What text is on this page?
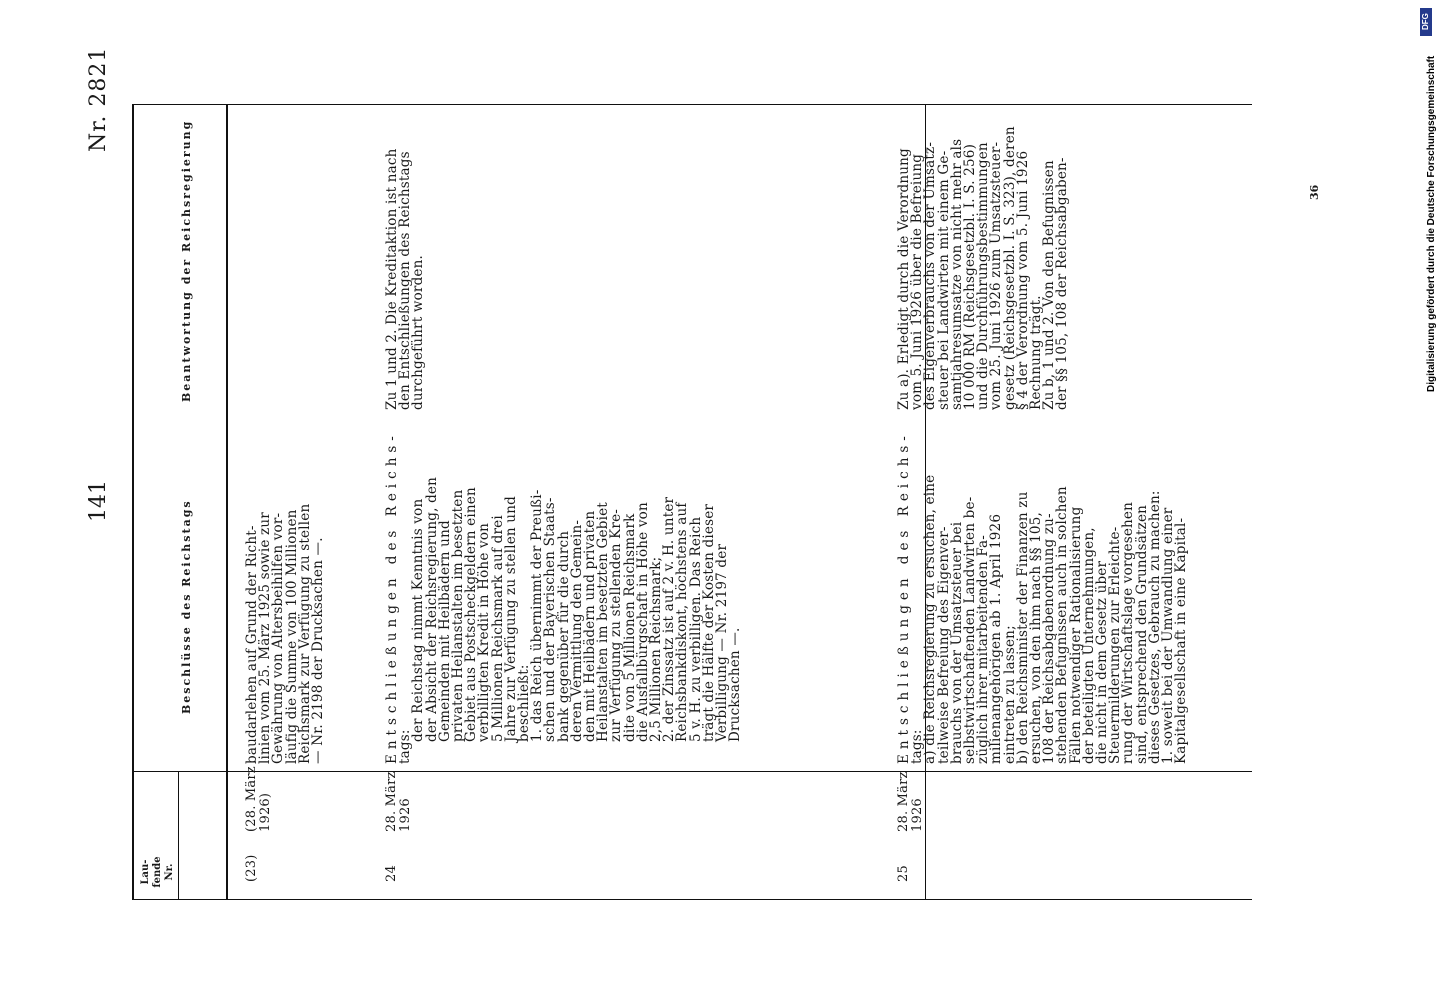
141
Nr. 2821
36
Lau- fende Nr.
Beschlüsse des Reichstags
Beantwortung der Reichsregierung
(23)
(28. März 1926)
baudarlehen auf Grund der Richt-
linien vom 25. März 1925 sowie zur
Gewährung von Altersbeihilfen vor-
läufig die Summe von 100 Millionen
Reichsmark zur Verfügung zu stellen
— Nr. 2198 der Drucksachen —.
24
28. März 1926
Entschließungen des Reichs-
tags:
der Reichstag nimmt Kenntnis von
der Absicht der Reichsregierung, den
Gemeinden mit Heilbädern und
privaten Heilanstalten im besetzten
Gebiet aus Postscheckgeldern einen
verbilligten Kredit in Höhe von
5 Millionen Reichsmark auf drei
Jahre zur Verfügung zu stellen und
beschließt:
1. das Reich übernimmt der Preußi-
schen und der Bayerischen Staats-
bank gegenüber für die durch
deren Vermittlung den Gemein-
den mit Heilbädern und privaten
Heilanstalten im besetzten Gebiet
zur Verfügung zu stellenden Kre-
dite von 5 Millionen Reichsmark
die Ausfallbürgschaft in Höhe von
2,5 Millionen Reichsmark;
2. der Zinssatz ist auf 2 v. H. unter
Reichsbankdiskont, höchstens auf
5 v. H. zu verbilligen. Das Reich
trägt die Hälfte der Kosten dieser
Verbilligung — Nr. 2197 der
Drucksachen —.
Zu 1 und 2. Die Kreditaktion ist nach
den Entschließungen des Reichstags
durchgeführt worden.
25
28. März 1926
Entschließungen des Reichs-
tags:
a) die Reichsregierung zu ersuchen, eine
teilweise Befreiung des Eigenver-
brauchs von der Umsatzsteuer bei
selbstwirtschaftenden Landwirten be-
züglich ihrer mitarbeitenden Fa-
milienangehörigen ab 1. April 1926
eintreten zu lassen;
b) den Reichsminister der Finanzen zu
ersuchen, von den ihm nach §§ 105,
108 der Reichsabgabenordnung zu-
stehenden Befugnissen auch in solchen
Fällen notwendiger Rationalisierung
der beteiligten Unternehmungen,
die nicht in dem Gesetz über
Steuermilderungen zur Erleichte-
rung der Wirtschaftslage vorgesehen
sind, entsprechend den Grundsätzen
dieses Gesetzes, Gebrauch zu machen:
1. soweit bei der Umwandlung einer
Kapitalgesellschaft in eine Kapital-
Zu a). Erledigt durch die Verordnung
vom 5. Juni 1926 über die Befreiung
des Eigenverbrauchs von der Umsatz-
steuer bei Landwirten mit einem Ge-
samtjahresumsatze von nicht mehr als
10 000 RM (Reichsgesetzbl. I. S. 256)
und die Durchführungsbestimmungen
vom 25. Juni 1926 zum Umsatzsteuer-
gesetz (Reichsgesetzbl. I. S. 323), deren
§ 4 der Verordnung vom 5. Juni 1926
Rechnung trägt.
Zu b, 1 und 2. Von den Befugnissen
der §§ 105, 108 der Reichsabgaben-
DFG
Digitalisierung gefördert durch die Deutsche Forschungsgemeinschaft
